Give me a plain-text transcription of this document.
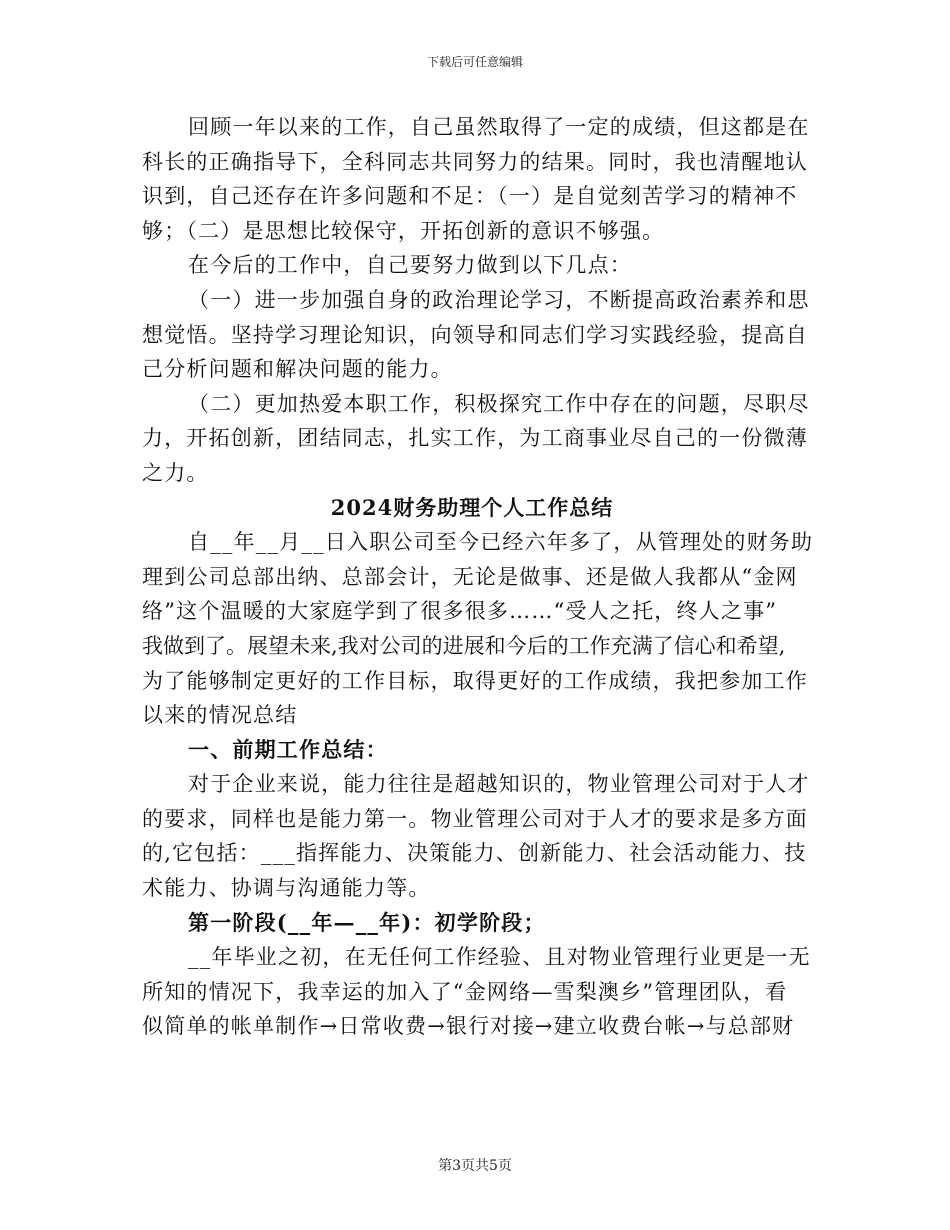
下载后可任意编辑
回顾一年以来的工作，自己虽然取得了一定的成绩，但这都是在
科长的正确指导下，全科同志共同努力的结果。同时，我也清醒地认
识到，自己还存在许多问题和不足：（一）是自觉刻苦学习的精神不
够；（二）是思想比较保守，开拓创新的意识不够强。
在今后的工作中，自己要努力做到以下几点：
（一）进一步加强自身的政治理论学习，不断提高政治素养和思
想觉悟。坚持学习理论知识，向领导和同志们学习实践经验，提高自
己分析问题和解决问题的能力。
（二）更加热爱本职工作，积极探究工作中存在的问题，尽职尽
力，开拓创新，团结同志，扎实工作，为工商事业尽自己的一份微薄
之力。
2024财务助理个人工作总结
自__年__月__日入职公司至今已经六年多了，从管理处的财务助
理到公司总部出纳、总部会计，无论是做事、还是做人我都从“金网
络”这个温暖的大家庭学到了很多很多……“受人之托，终人之事”
我做到了。展望未来,我对公司的进展和今后的工作充满了信心和希望,
为了能够制定更好的工作目标，取得更好的工作成绩，我把参加工作
以来的情况总结
一、前期工作总结：
对于企业来说，能力往往是超越知识的，物业管理公司对于人才
的要求，同样也是能力第一。物业管理公司对于人才的要求是多方面
的,它包括：___指挥能力、决策能力、创新能力、社会活动能力、技
术能力、协调与沟通能力等。
第一阶段(__年—__年)：初学阶段；
__年毕业之初，在无任何工作经验、且对物业管理行业更是一无
所知的情况下，我幸运的加入了“金网络—雪梨澳乡”管理团队，看
似简单的帐单制作→日常收费→银行对接→建立收费台帐→与总部财
第3页共5页
